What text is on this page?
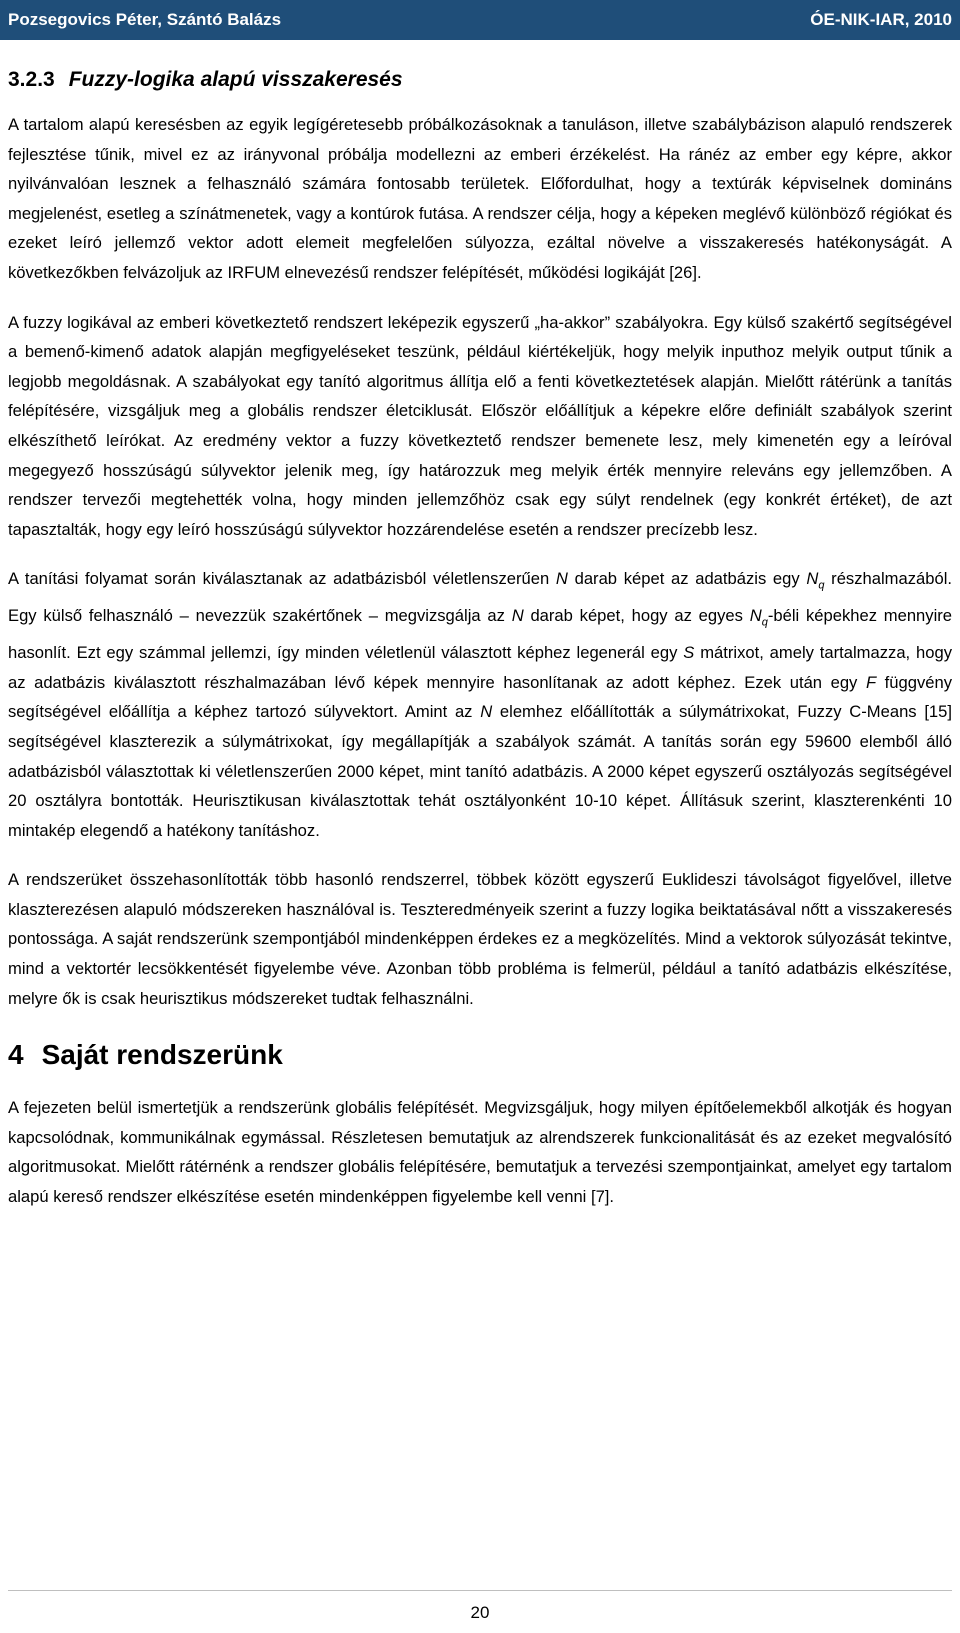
Pozsegovics Péter, Szántó Balázs	ÓE-NIK-IAR, 2010
3.2.3 Fuzzy-logika alapú visszakeresés

A tartalom alapú keresésben az egyik legígéretesebb próbálkozásoknak a tanuláson, illetve szabálybázison alapuló rendszerek fejlesztése tűnik, mivel ez az irányvonal próbálja modellezni az emberi érzékelést. Ha ránéz az ember egy képre, akkor nyilvánvalóan lesznek a felhasználó számára fontosabb területek. Előfordulhat, hogy a textúrák képviselnek domináns megjelenést, esetleg a színátmenetek, vagy a kontúrok futása. A rendszer célja, hogy a képeken meglévő különböző régiókat és ezeket leíró jellemző vektor adott elemeit megfelelően súlyozza, ezáltal növelve a visszakeresés hatékonyságát. A következőkben felvázoljuk az IRFUM elnevezésű rendszer felépítését, működési logikáját [26].

A fuzzy logikával az emberi következtető rendszert leképezik egyszerű „ha-akkor” szabályokra. Egy külső szakértő segítségével a bemenő-kimenő adatok alapján megfigyeléseket teszünk, például kiértékeljük, hogy melyik inputhoz melyik output tűnik a legjobb megoldásnak. A szabályokat egy tanító algoritmus állítja elő a fenti következtetések alapján. Mielőtt rátérünk a tanítás felépítésére, vizsgáljuk meg a globális rendszer életciklusát. Először előállítjuk a képekre előre definiált szabályok szerint elkészíthető leírókat. Az eredmény vektor a fuzzy következtető rendszer bemenete lesz, mely kimenetén egy a leíróval megegyező hosszúságú súlyvektor jelenik meg, így határozzuk meg melyik érték mennyire releváns egy jellemzőben. A rendszer tervezői megtehették volna, hogy minden jellemzőhöz csak egy súlyt rendelnek (egy konkrét értéket), de azt tapasztalták, hogy egy leíró hosszúságú súlyvektor hozzárendelése esetén a rendszer precízebb lesz.

A tanítási folyamat során kiválasztanak az adatbázisból véletlenszerűen N darab képet az adatbázis egy $N_q$ részhalmazából. Egy külső felhasználó – nevezzük szakértőnek – megvizsgálja az N darab képet, hogy az egyes $N_q$-béli képekhez mennyire hasonlít. Ezt egy számmal jellemzi, így minden véletlenül választott képhez legenerál egy S mátrixot, amely tartalmazza, hogy az adatbázis kiválasztott részhalmazában lévő képek mennyire hasonlítanak az adott képhez. Ezek után egy F függvény segítségével előállítja a képhez tartozó súlyvektort. Amint az N elemhez előállították a súlymátrixokat, Fuzzy C-Means [15] segítségével klaszterezik a súlymátrixokat, így megállapítják a szabályok számát. A tanítás során egy 59600 elemből álló adatbázisból választottak ki véletlenszerűen 2000 képet, mint tanító adatbázis. A 2000 képet egyszerű osztályozás segítségével 20 osztályra bontották. Heurisztikusan kiválasztottak tehát osztályonként 10-10 képet. Állításuk szerint, klaszterenkénti 10 mintakép elegendő a hatékony tanításhoz.

A rendszerüket összehasonlították több hasonló rendszerrel, többek között egyszerű Euklideszi távolságot figyelővel, illetve klaszterezésen alapuló módszereken használóval is. Teszteredményeik szerint a fuzzy logika beiktatásával nőtt a visszakeresés pontossága. A saját rendszerünk szempontjából mindenképpen érdekes ez a megközelítés. Mind a vektorok súlyozását tekintve, mind a vektortér lecsökkentését figyelembe véve. Azonban több probléma is felmerül, például a tanító adatbázis elkészítése, melyre ők is csak heurisztikus módszereket tudtak felhasználni.

4 Saját rendszerünk

A fejezeten belül ismertetjük a rendszerünk globális felépítését. Megvizsgáljuk, hogy milyen építőelemekből alkotják és hogyan kapcsolódnak, kommunikálnak egymással. Részletesen bemutatjuk az alrendszerek funkcionalitását és az ezeket megvalósító algoritmusokat. Mielőtt rátérnénk a rendszer globális felépítésére, bemutatjuk a tervezési szempontjainkat, amelyet egy tartalom alapú kereső rendszer elkészítése esetén mindenképpen figyelembe kell venni [7].

20
